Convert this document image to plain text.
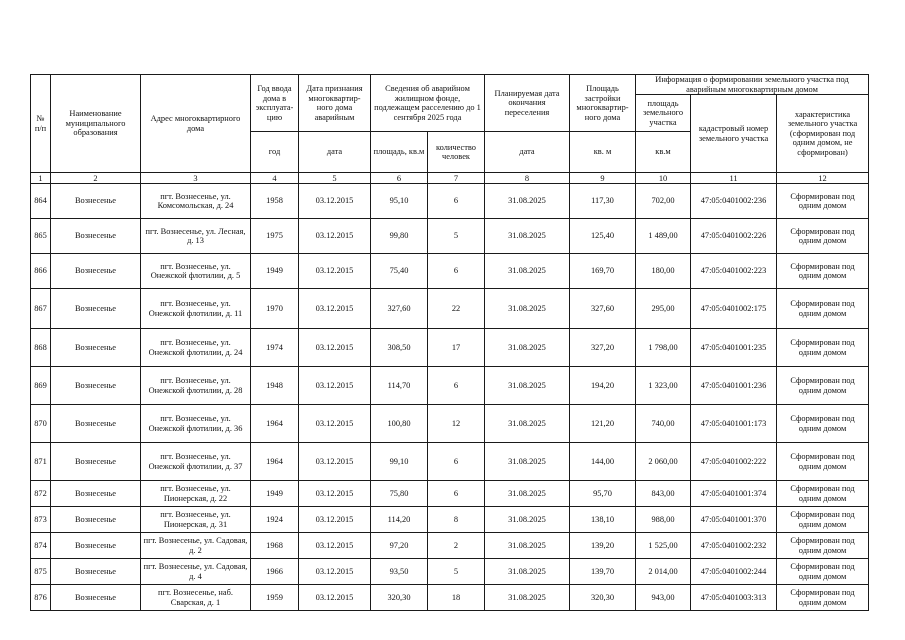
№ п/п	Наименование муниципального образования	Адрес многоквартирного дома	Год ввода дома в эксплуата-цию	Дата признания многоквартир-ного дома аварийным	Сведения об аварийном жилищном фонде, подлежащем расселению до 1 сентября 2025 года		Планируемая дата окончания переселения	Площадь застройки многоквартир-ного дома	Информация о формировании земельного участка под аварийным многоквартирным домом		
									площадь земельного участка	кадастровый номер земельного участка	характеристика земельного участка (сформирован под одним домом, не сформирован)
			год	дата	площадь, кв.м	количество человек	дата	кв. м	кв.м		
1	2	3	4	5	6	7	8	9	10	11	12
864	Вознесенье	пгт. Вознесенье, ул. Комсомольская, д. 24	1958	03.12.2015	95,10	6	31.08.2025	117,30	702,00	47:05:0401002:236	Сформирован под одним домом
865	Вознесенье	пгт. Вознесенье, ул. Лесная, д. 13	1975	03.12.2015	99,80	5	31.08.2025	125,40	1 489,00	47:05:0401002:226	Сформирован под одним домом
866	Вознесенье	пгт. Вознесенье, ул. Онежской флотилии, д. 5	1949	03.12.2015	75,40	6	31.08.2025	169,70	180,00	47:05:0401002:223	Сформирован под одним домом
867	Вознесенье	пгт. Вознесенье, ул. Онежской флотилии, д. 11	1970	03.12.2015	327,60	22	31.08.2025	327,60	295,00	47:05:0401002:175	Сформирован под одним домом
868	Вознесенье	пгт. Вознесенье, ул. Онежской флотилии, д. 24	1974	03.12.2015	308,50	17	31.08.2025	327,20	1 798,00	47:05:0401001:235	Сформирован под одним домом
869	Вознесенье	пгт. Вознесенье, ул. Онежской флотилии, д. 28	1948	03.12.2015	114,70	6	31.08.2025	194,20	1 323,00	47:05:0401001:236	Сформирован под одним домом
870	Вознесенье	пгт. Вознесенье, ул. Онежской флотилии, д. 36	1964	03.12.2015	100,80	12	31.08.2025	121,20	740,00	47:05:0401001:173	Сформирован под одним домом
871	Вознесенье	пгт. Вознесенье, ул. Онежской флотилии, д. 37	1964	03.12.2015	99,10	6	31.08.2025	144,00	2 060,00	47:05:0401002:222	Сформирован под одним домом
872	Вознесенье	пгт. Вознесенье, ул. Пионерская, д. 22	1949	03.12.2015	75,80	6	31.08.2025	95,70	843,00	47:05:0401001:374	Сформирован под одним домом
873	Вознесенье	пгт. Вознесенье, ул. Пионерская, д. 31	1924	03.12.2015	114,20	8	31.08.2025	138,10	988,00	47:05:0401001:370	Сформирован под одним домом
874	Вознесенье	пгт. Вознесенье, ул. Садовая, д. 2	1968	03.12.2015	97,20	2	31.08.2025	139,20	1 525,00	47:05:0401002:232	Сформирован под одним домом
875	Вознесенье	пгт. Вознесенье, ул. Садовая, д. 4	1966	03.12.2015	93,50	5	31.08.2025	139,70	2 014,00	47:05:0401002:244	Сформирован под одним домом
876	Вознесенье	пгт. Вознесенье, наб. Сварская, д. 1	1959	03.12.2015	320,30	18	31.08.2025	320,30	943,00	47:05:0401003:313	Сформирован под одним домом
